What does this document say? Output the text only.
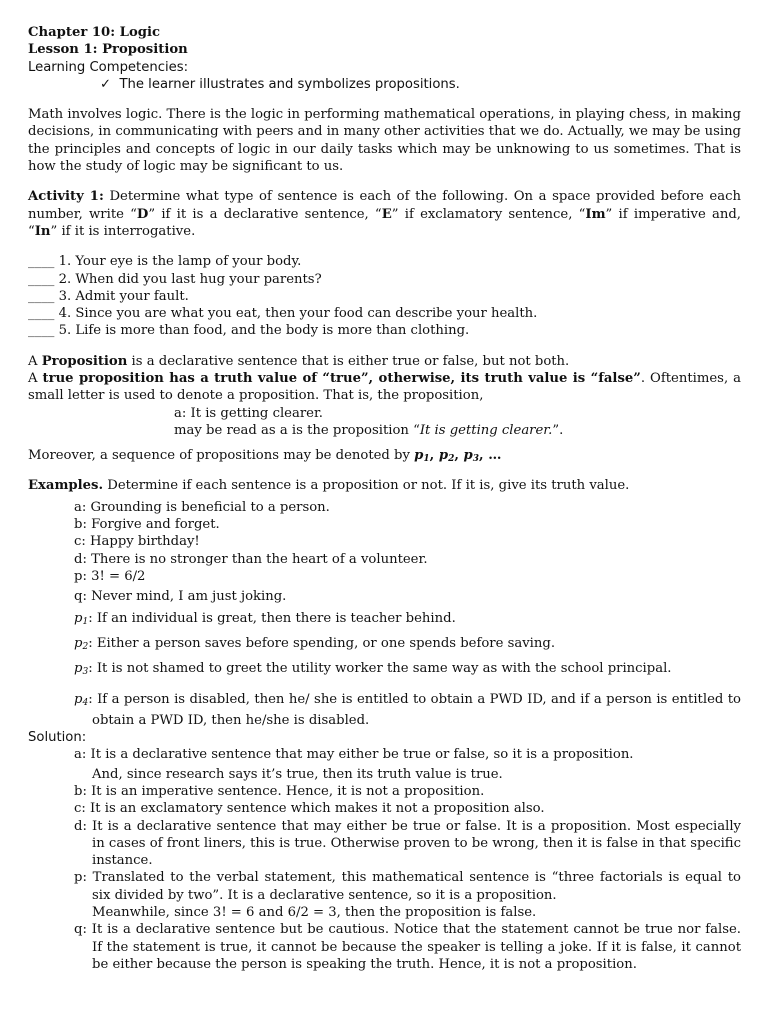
Chapter 10: Logic
Lesson 1: Proposition
Learning Competencies:
✓ The learner illustrates and symbolizes propositions.
Math involves logic. There is the logic in performing mathematical operations, in playing chess, in making decisions, in communicating with peers and in many other activities that we do. Actually, we may be using the principles and concepts of logic in our daily tasks which may be unknowing to us sometimes. That is how the study of logic may be significant to us.
Activity 1: Determine what type of sentence is each of the following. On a space provided before each number, write “D” if it is a declarative sentence, “E” if exclamatory sentence, “Im” if imperative and, “In” if it is interrogative.
____ 1. Your eye is the lamp of your body.
____ 2. When did you last hug your parents?
____ 3. Admit your fault.
____ 4. Since you are what you eat, then your food can describe your health.
____ 5. Life is more than food, and the body is more than clothing.
A Proposition is a declarative sentence that is either true or false, but not both.
A true proposition has a truth value of “true”, otherwise, its truth value is “false”. Oftentimes, a small letter is used to denote a proposition. That is, the proposition,
a: It is getting clearer.
may be read as a is the proposition “It is getting clearer.”.
Moreover, a sequence of propositions may be denoted by $p_1$, $p_2$, $p_3$, …
Examples. Determine if each sentence is a proposition or not. If it is, give its truth value.
a: Grounding is beneficial to a person.
b: Forgive and forget.
c: Happy birthday!
d: There is no stronger than the heart of a volunteer.
p: 3! = 6/2
q: Never mind, I am just joking.
$p_1$: If an individual is great, then there is teacher behind.
$p_2$: Either a person saves before spending, or one spends before saving.
$p_3$: It is not shamed to greet the utility worker the same way as with the school principal.
$p_4$: If a person is disabled, then he/ she is entitled to obtain a PWD ID, and if a person is entitled to obtain a PWD ID, then he/she is disabled.
Solution:
a: It is a declarative sentence that may either be true or false, so it is a proposition.
And, since research says it’s true, then its truth value is true.
b: It is an imperative sentence. Hence, it is not a proposition.
c: It is an exclamatory sentence which makes it not a proposition also.
d: It is a declarative sentence that may either be true or false. It is a proposition. Most especially in cases of front liners, this is true. Otherwise proven to be wrong, then it is false in that specific instance.
p: Translated to the verbal statement, this mathematical sentence is “three factorials is equal to six divided by two”. It is a declarative sentence, so it is a proposition.
Meanwhile, since 3! = 6 and 6/2 = 3, then the proposition is false.
q: It is a declarative sentence but be cautious. Notice that the statement cannot be true nor false. If the statement is true, it cannot be because the speaker is telling a joke. If it is false, it cannot be either because the person is speaking the truth. Hence, it is not a proposition.
